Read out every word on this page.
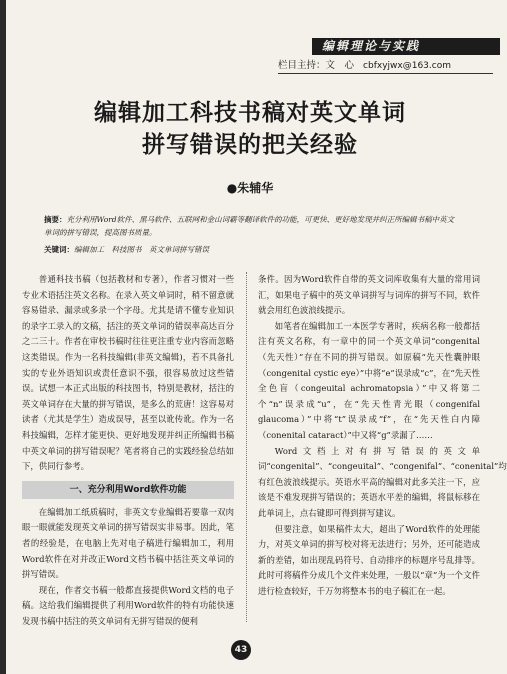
编辑理论与实践
栏目主持：文　心 cbfxyjwx@163.com
编辑加工科技书稿对英文单词
拼写错误的把关经验
●朱辅华
摘要：充分利用Word软件、黑马软件、五联网和金山词霸等翻译软件的功能，可更快、更好地发现并纠正所编辑书稿中英文单词的拼写错误，提高图书质量。
关键词：编辑加工　科技图书　英文单词拼写错误

普通科技书稿（包括教材和专著），作者习惯对一些专业术语括注英文名称。在录入英文单词时，稍不留意就容易错录、漏录或多录一个字母。尤其是请不懂专业知识的录字工录入的文稿，括注的英文单词的错误率高达百分之二三十。作者在审校书稿时往往更注重专业内容而忽略这类错误。作为一名科技编辑(非英文编辑)，若不具备扎实的专业外语知识或责任意识不强，很容易放过这些错误。试想一本正式出版的科技图书，特别是教材，括注的英文单词存在大量的拼写错误，是多么的荒唐！这容易对读者（尤其是学生）造成误导，甚至以讹传讹。作为一名科技编辑，怎样才能更快、更好地发现并纠正所编辑书稿中英文单词的拼写错误呢？笔者将自己的实践经验总结如下，供同行参考。

一、充分利用Word软件功能

在编辑加工纸质稿时，非英文专业编辑若要靠一双肉眼一眼就能发现英文单词的拼写错误实非易事。因此，笔者的经验是，在电脑上先对电子稿进行编辑加工，利用Word软件在对并改正Word文档书稿中括注英文单词的拼写错误。

现在，作者交书稿一般都直接提供Word文档的电子稿。这给我们编辑提供了利用Word软件的特有功能快速发现书稿中括注的英文单词有无拼写错误的便利

条件。因为Word软件自带的英文词库收集有大量的常用词汇，如果电子稿中的英文单词拼写与词库的拼写不同，软件就会用红色波浪线提示。

如笔者在编辑加工一本医学专著时，疾病名称一般都括注有英文名称，有一章中的同一个英文单词“congenital（先天性）”存在不同的拼写错误。如原稿“先天性囊肿眼（congenital cystic eye）”中将“e”误录成“c”，在“先天性全色盲（congeuital achromatopsia）”中又将第二个“n”误录成“u”，在“先天性青光眼（congenifal glaucoma）”中将“t”误录成“f”，在“先天性白内障（conenital cataract）”中又将“g”录漏了……

Word文档上对有拼写错误的英文单词“congenital”、“congeuital”、“congenifal”、“conenital”均有红色波浪线提示。英语水平高的编辑对此多关注一下，应该是不难发现拼写错误的；英语水平差的编辑，将鼠标移在此单词上，点右键即可得到拼写建议。

但要注意，如果稿件太大，超出了Word软件的处理能力，对英文单词的拼写校对将无法进行；另外，还可能造成新的差错，如出现乱码符号、自动排序的标题序号乱排等。此时可将稿件分成几个文件来处理，一般以“章”为一个文件进行检查较好，千万勿将整本书的电子稿汇在一起。

43
